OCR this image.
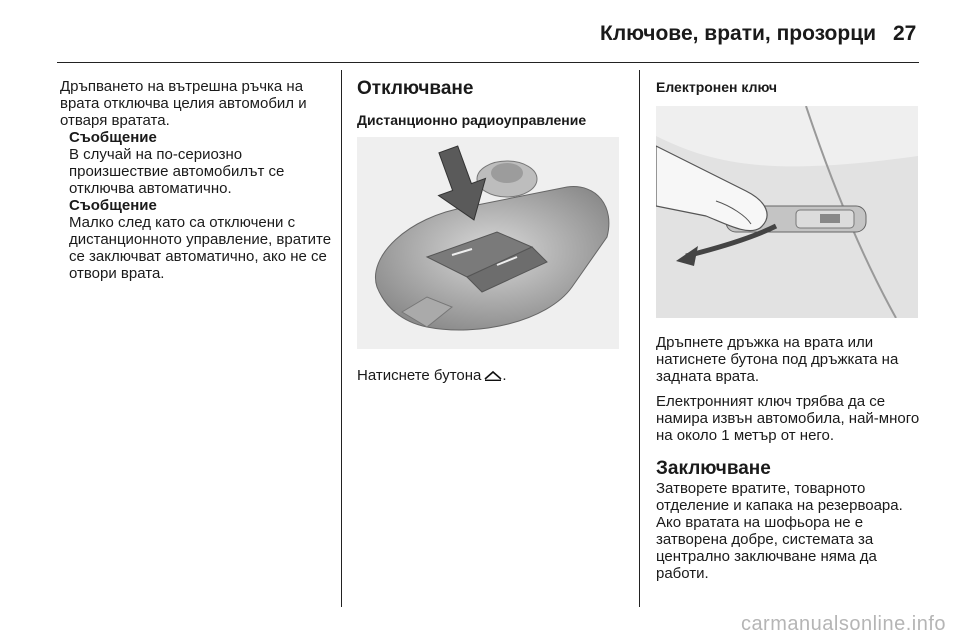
Ключове, врати, прозорци 27

Дръпването на вътрешна ръчка на врата отключва целия автомобил и отваря вратата.

Съобщение

В случай на по-сериозно произшествие автомобилът се отключва автоматично.

Съобщение

Малко след като са отключени с дистанционното управление, вратите се заключват автоматично, ако не се отвори врата.

Отключване

Дистанционно радиоуправление

Натиснете бутона .

Електронен ключ

Дръпнете дръжка на врата или натиснете бутона под дръжката на задната врата.

Електронният ключ трябва да се намира извън автомобила, най-много на около 1 метър от него.

Заключване

Затворете вратите, товарното отделение и капака на резервоара. Ако вратата на шофьора не е затворена добре, системата за централно заключване няма да работи.

carmanualsonline.info
